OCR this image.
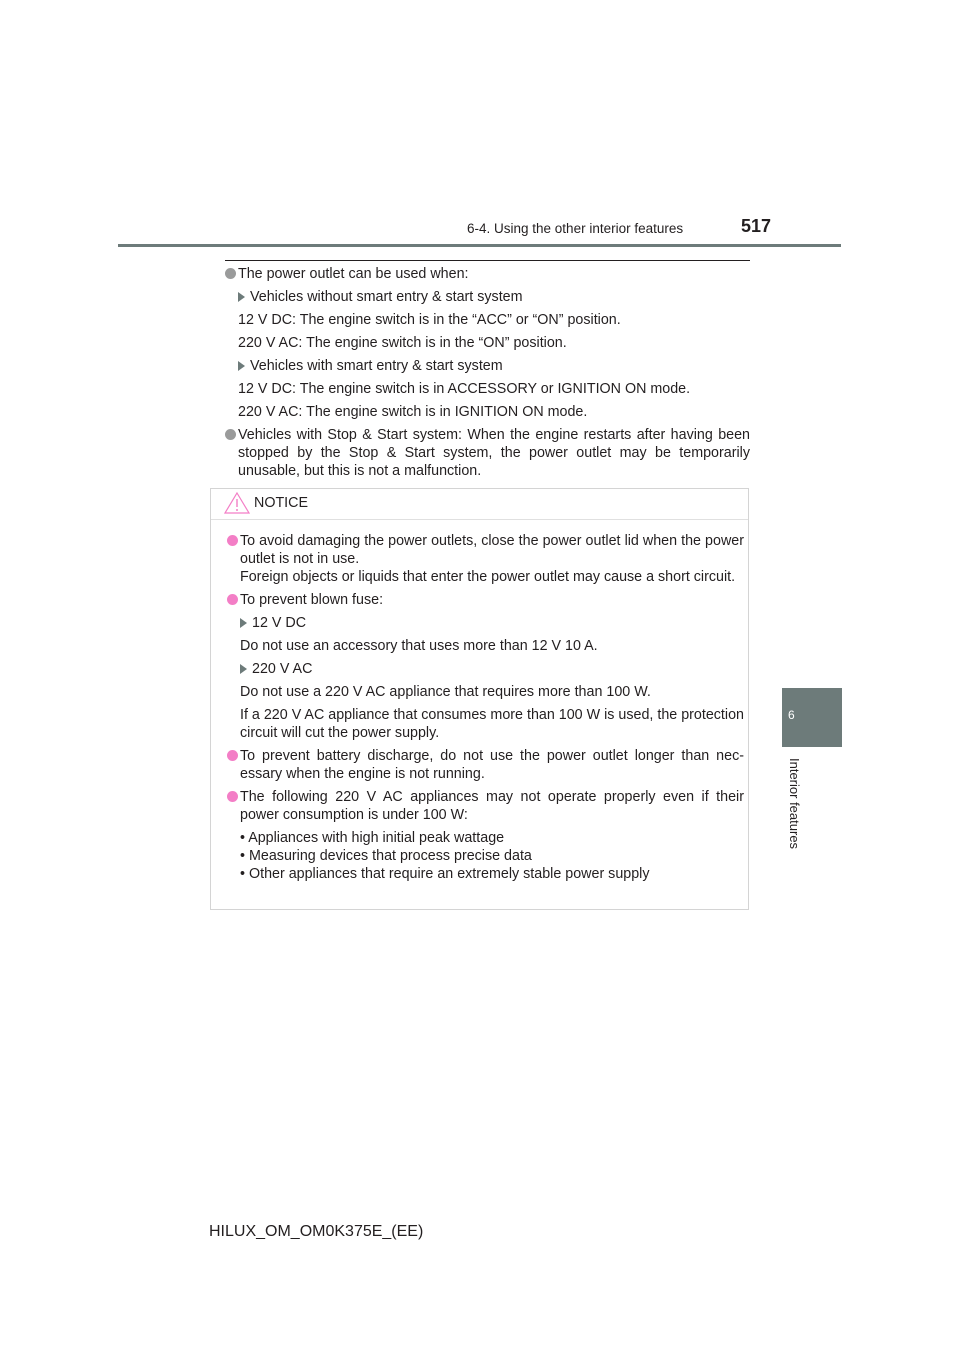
6-4. Using the other interior features	517
6
Interior features
The power outlet can be used when:
Vehicles without smart entry & start system
12 V DC: The engine switch is in the “ACC” or “ON” position.
220 V AC: The engine switch is in the “ON” position.
Vehicles with smart entry & start system
12 V DC: The engine switch is in ACCESSORY or IGNITION ON mode.
220 V AC: The engine switch is in IGNITION ON mode.
Vehicles with Stop & Start system: When the engine restarts after having been stopped by the Stop & Start system, the power outlet may be temporarily unusable, but this is not a malfunction.
NOTICE
To avoid damaging the power outlets, close the power outlet lid when the power outlet is not in use.
Foreign objects or liquids that enter the power outlet may cause a short circuit.
To prevent blown fuse:
12 V DC
Do not use an accessory that uses more than 12 V 10 A.
220 V AC
Do not use a 220 V AC appliance that requires more than 100 W.
If a 220 V AC appliance that consumes more than 100 W is used, the protection circuit will cut the power supply.
To prevent battery discharge, do not use the power outlet longer than necessary when the engine is not running.
The following 220 V AC appliances may not operate properly even if their power consumption is under 100 W:
• Appliances with high initial peak wattage
• Measuring devices that process precise data
• Other appliances that require an extremely stable power supply
HILUX_OM_OM0K375E_(EE)
